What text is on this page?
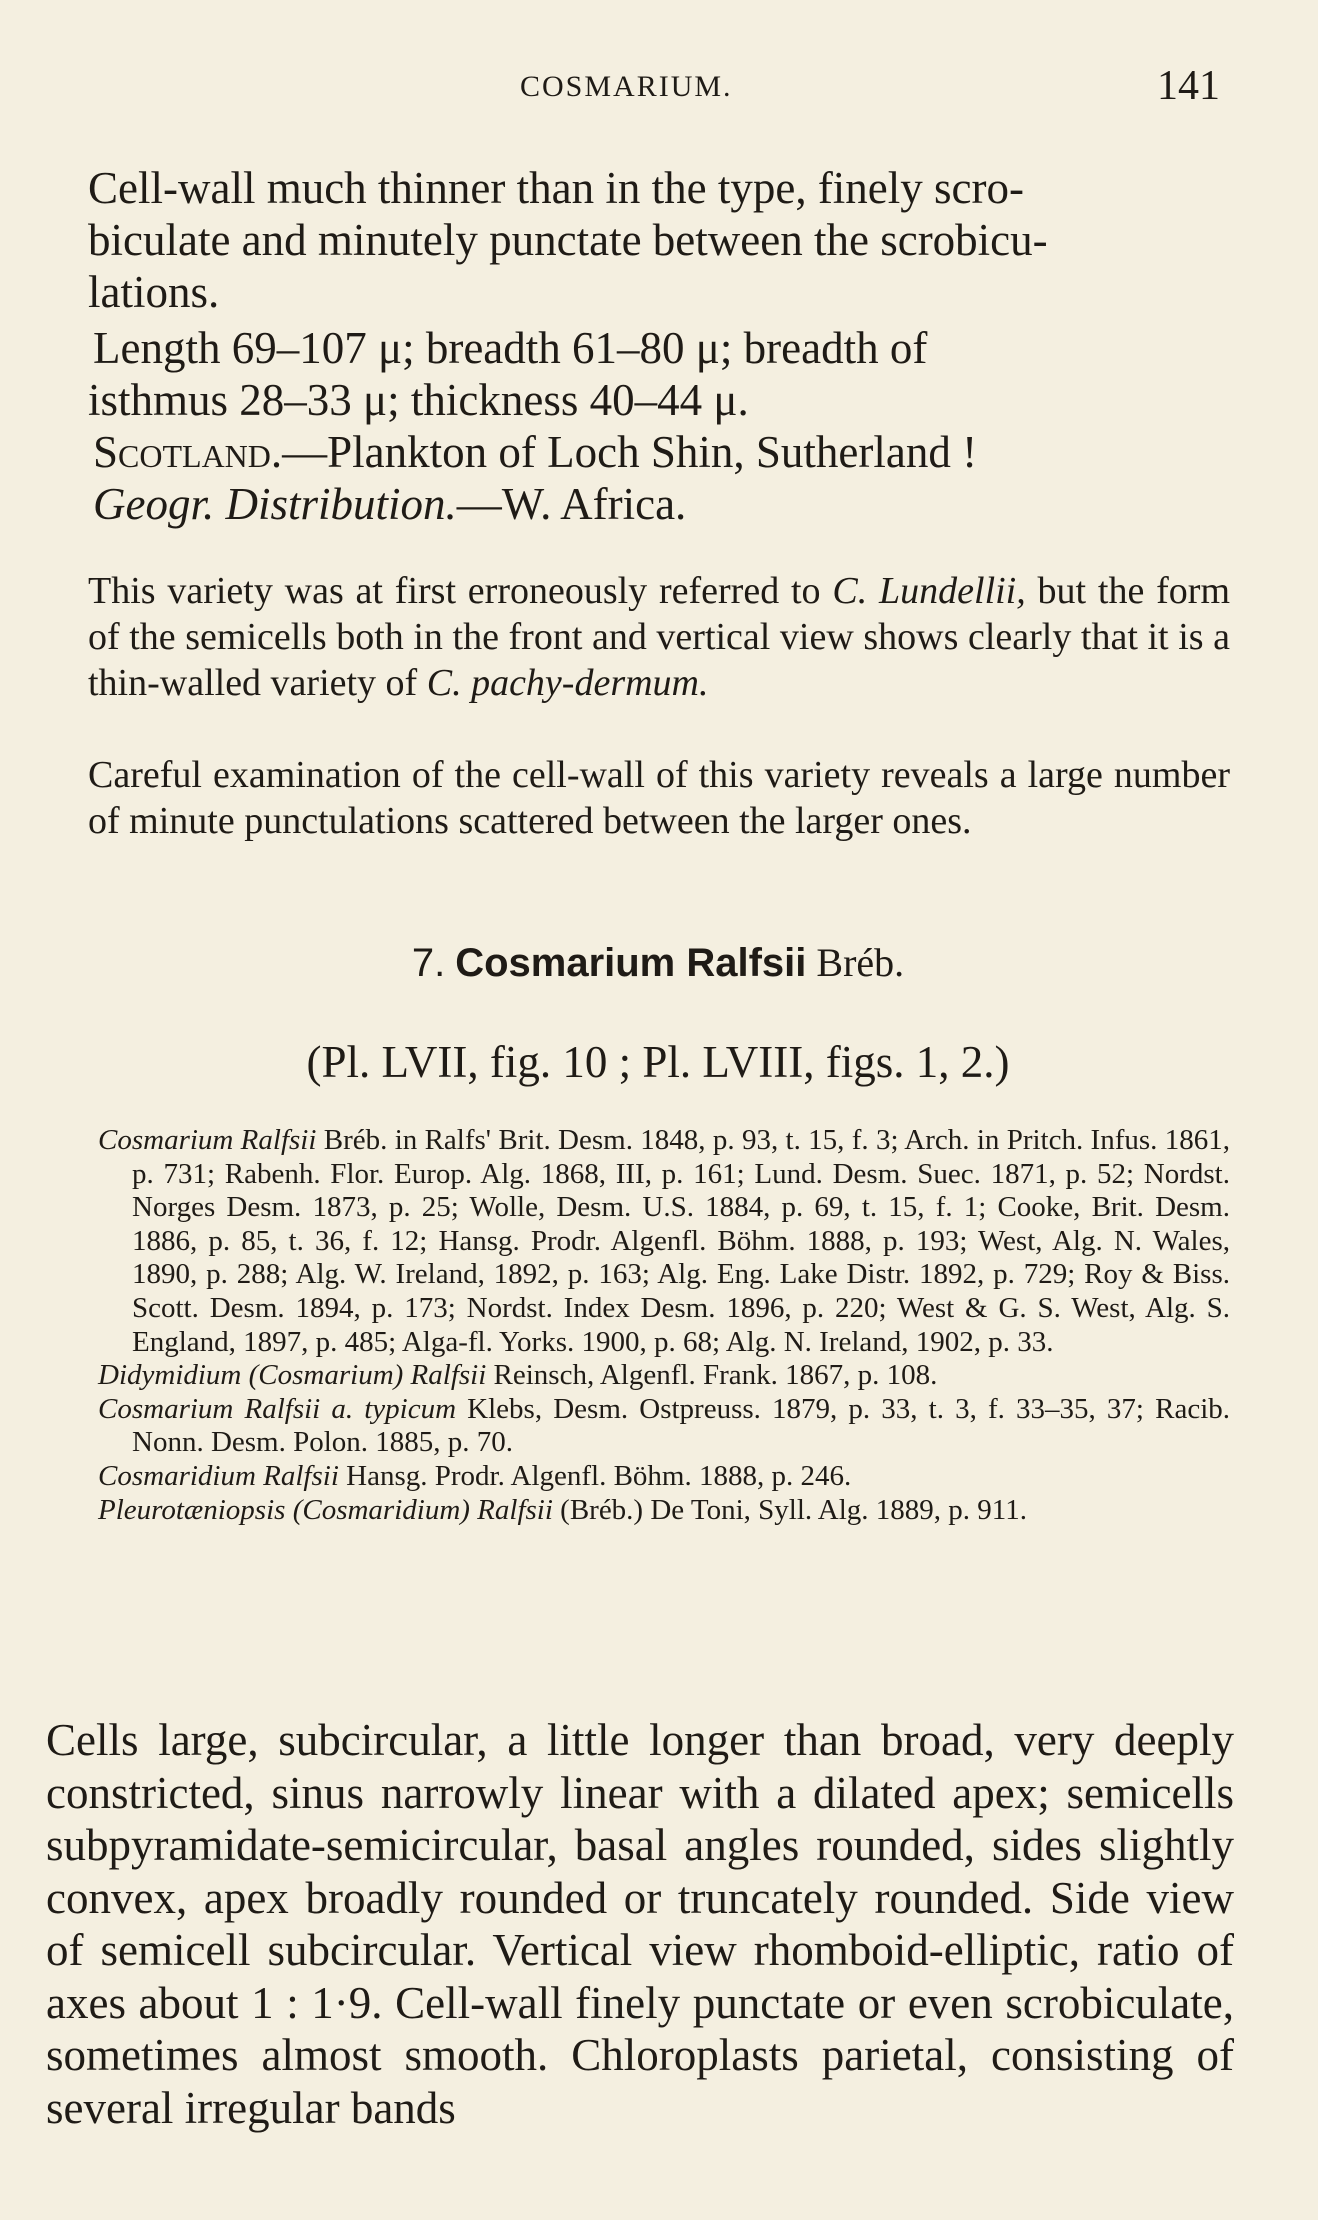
COSMARIUM.	141

Cell-wall much thinner than in the type, finely scro-
biculate and minutely punctate between the scrobicu-
lations.

Length 69–107 μ; breadth 61–80 μ; breadth of
isthmus 28–33 μ; thickness 40–44 μ.

Scotland.—Plankton of Loch Shin, Sutherland !

Geogr. Distribution.—W. Africa.

This variety was at first erroneously referred to C. Lundellii, but the form of the semicells both in the front and vertical view shows clearly that it is a thin-walled variety of C. pachy-dermum.

Careful examination of the cell-wall of this variety reveals a large number of minute punctulations scattered between the larger ones.

7. Cosmarium Ralfsii Bréb.

(Pl. LVII, fig. 10 ; Pl. LVIII, figs. 1, 2.)

Cosmarium Ralfsii Bréb. in Ralfs' Brit. Desm. 1848, p. 93, t. 15, f. 3; Arch. in Pritch. Infus. 1861, p. 731; Rabenh. Flor. Europ. Alg. 1868, III, p. 161; Lund. Desm. Suec. 1871, p. 52; Nordst. Norges Desm. 1873, p. 25; Wolle, Desm. U.S. 1884, p. 69, t. 15, f. 1; Cooke, Brit. Desm. 1886, p. 85, t. 36, f. 12; Hansg. Prodr. Algenfl. Böhm. 1888, p. 193; West, Alg. N. Wales, 1890, p. 288; Alg. W. Ireland, 1892, p. 163; Alg. Eng. Lake Distr. 1892, p. 729; Roy & Biss. Scott. Desm. 1894, p. 173; Nordst. Index Desm. 1896, p. 220; West & G. S. West, Alg. S. England, 1897, p. 485; Alga-fl. Yorks. 1900, p. 68; Alg. N. Ireland, 1902, p. 33.

Didymidium (Cosmarium) Ralfsii Reinsch, Algenfl. Frank. 1867, p. 108.

Cosmarium Ralfsii a. typicum Klebs, Desm. Ostpreuss. 1879, p. 33, t. 3, f. 33–35, 37; Racib. Nonn. Desm. Polon. 1885, p. 70.

Cosmaridium Ralfsii Hansg. Prodr. Algenfl. Böhm. 1888, p. 246.

Pleurotæniopsis (Cosmaridium) Ralfsii (Bréb.) De Toni, Syll. Alg. 1889, p. 911.

Cells large, subcircular, a little longer than broad, very deeply constricted, sinus narrowly linear with a dilated apex; semicells subpyramidate-semicircular, basal angles rounded, sides slightly convex, apex broadly rounded or truncately rounded. Side view of semicell subcircular. Vertical view rhomboid-elliptic, ratio of axes about 1 : 1·9. Cell-wall finely punctate or even scrobiculate, sometimes almost smooth. Chloroplasts parietal, consisting of several irregular bands
